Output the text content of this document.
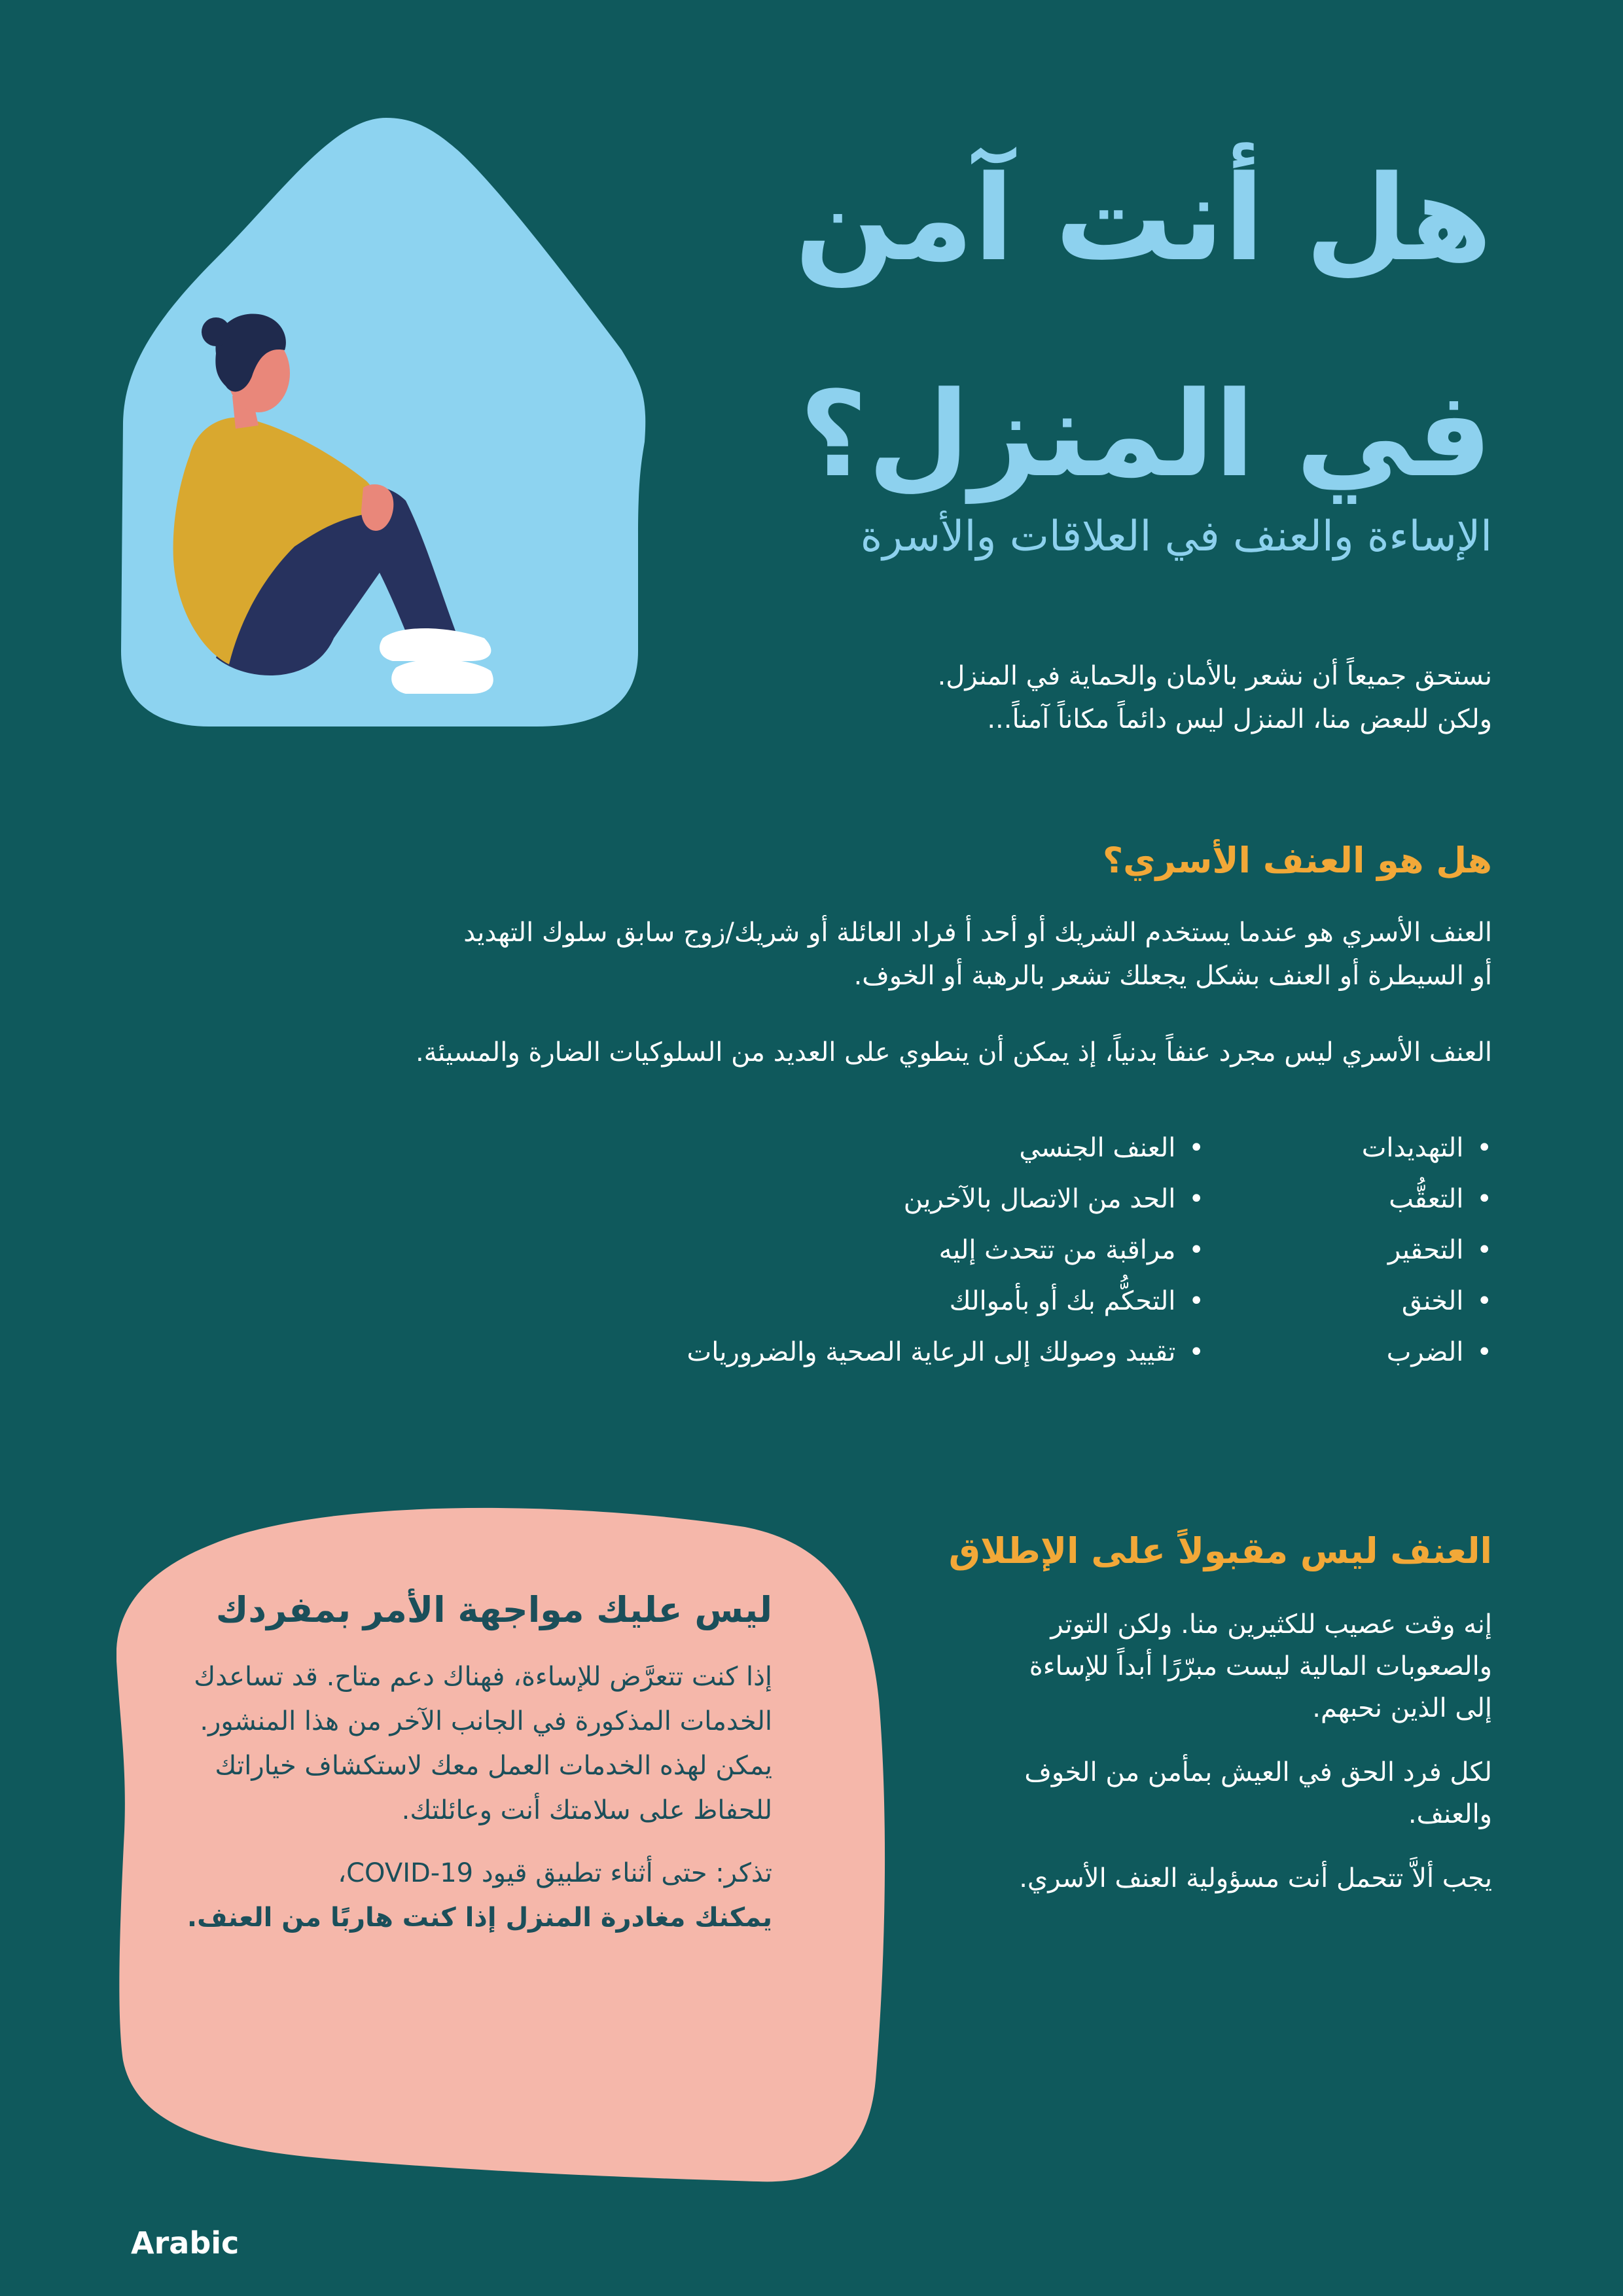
هل أنت آمن
في المنزل؟
الإساءة والعنف في العلاقات والأسرة
نستحق جميعاً أن نشعر بالأمان والحماية في المنزل.
ولكن للبعض منا، المنزل ليس دائماً مكاناً آمناً...
هل هو العنف الأسري؟
العنف الأسري هو عندما يستخدم الشريك أو أحد أ فراد العائلة أو شريك/زوج سابق سلوك التهديد
أو السيطرة أو العنف بشكل يجعلك تشعر بالرهبة أو الخوف.
العنف الأسري ليس مجرد عنفاً بدنياً، إذ يمكن أن ينطوي على العديد من السلوكيات الضارة والمسيئة.
• التهديدات
• التعقُّب
• التحقير
• الخنق
• الضرب
• العنف الجنسي
• الحد من الاتصال بالآخرين
• مراقبة من تتحدث إليه
• التحكُّم بك أو بأموالك
• تقييد وصولك إلى الرعاية الصحية والضروريات
العنف ليس مقبولاً على الإطلاق

إنه وقت عصيب للكثيرين منا. ولكن التوتر والصعوبات المالية ليست مبرّرًا أبداً للإساءة إلى الذين نحبهم.

لكل فرد الحق في العيش بمأمن من الخوف والعنف.

يجب ألاَّ تتحمل أنت مسؤولية العنف الأسري.

ليس عليك مواجهة الأمر بمفردك
إذا كنت تتعرَّض للإساءة، فهناك دعم متاح. قد تساعدك
الخدمات المذكورة في الجانب الآخر من هذا المنشور.
يمكن لهذه الخدمات العمل معك لاستكشاف خياراتك
للحفاظ على سلامتك أنت وعائلتك.
تذكر: حتى أثناء تطبيق قيود COVID-19،
يمكنك مغادرة المنزل إذا كنت هاربًا من العنف.
Arabic
